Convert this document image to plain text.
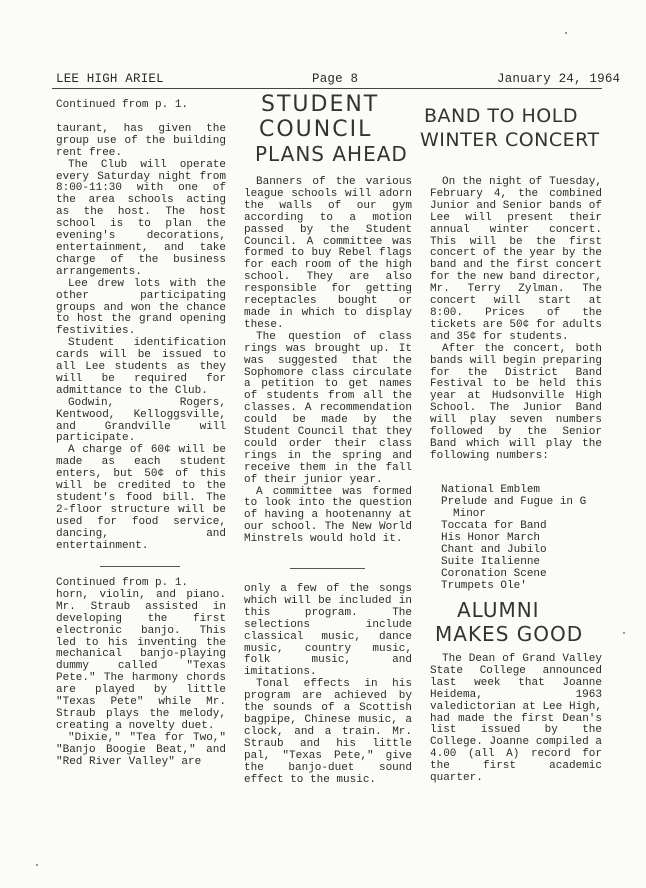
LEE HIGH ARIEL	Page 8	January 24, 1964

Continued from p. 1.

taurant, has given the group use of the building rent free.

The Club will operate every Saturday night from 8:00-11:30 with one of the area schools acting as the host. The host school is to plan the evening's decorations, entertainment, and take charge of the business arrangements.

Lee drew lots with the other participating groups and won the chance to host the grand opening festivities.

Student identification cards will be issued to all Lee students as they will be required for admittance to the Club.

Godwin, Rogers, Kentwood, Kelloggsville, and Grandville will participate.

A charge of 60¢ will be made as each student enters, but 50¢ of this will be credited to the student's food bill. The 2-floor structure will be used for food service, dancing, and entertainment.

Continued from p. 1.

horn, violin, and piano. Mr. Straub assisted in developing the first electronic banjo. This led to his inventing the mechanical banjo-playing dummy called "Texas Pete." The harmony chords are played by little "Texas Pete" while Mr. Straub plays the melody, creating a novelty duet.

"Dixie," "Tea for Two," "Banjo Boogie Beat," and "Red River Valley" are

STUDENT
COUNCIL
PLANS AHEAD

Banners of the various league schools will adorn the walls of our gym according to a motion passed by the Student Council. A committee was formed to buy Rebel flags for each room of the high school. They are also responsible for getting receptacles bought or made in which to display these.

The question of class rings was brought up. It was suggested that the Sophomore class circulate a petition to get names of students from all the classes. A recommendation could be made by the Student Council that they could order their class rings in the spring and receive them in the fall of their junior year.

A committee was formed to look into the question of having a hootenanny at our school. The New World Minstrels would hold it.

only a few of the songs which will be included in this program. The selections include classical music, dance music, country music, folk music, and imitations.

Tonal effects in his program are achieved by the sounds of a Scottish bagpipe, Chinese music, a clock, and a train. Mr. Straub and his little pal, "Texas Pete," give the banjo-duet sound effect to the music.

BAND TO HOLD
WINTER CONCERT

On the night of Tuesday, February 4, the combined Junior and Senior bands of Lee will present their annual winter concert. This will be the first concert of the year by the band and the first concert for the new band director, Mr. Terry Zylman. The concert will start at 8:00. Prices of the tickets are 50¢ for adults and 35¢ for students.

After the concert, both bands will begin preparing for the District Band Festival to be held this year at Hudsonville High School. The Junior Band will play seven numbers followed by the Senior Band which will play the following numbers:

National Emblem
Prelude and Fugue in G
Minor
Toccata for Band
His Honor March
Chant and Jubilo
Suite Italienne
Coronation Scene
Trumpets Ole'
ALUMNI
MAKES GOOD

The Dean of Grand Valley State College announced last week that Joanne Heidema, 1963 valedictorian at Lee High, had made the first Dean's list issued by the College. Joanne compiled a 4.00 (all A) record for the first academic quarter.
